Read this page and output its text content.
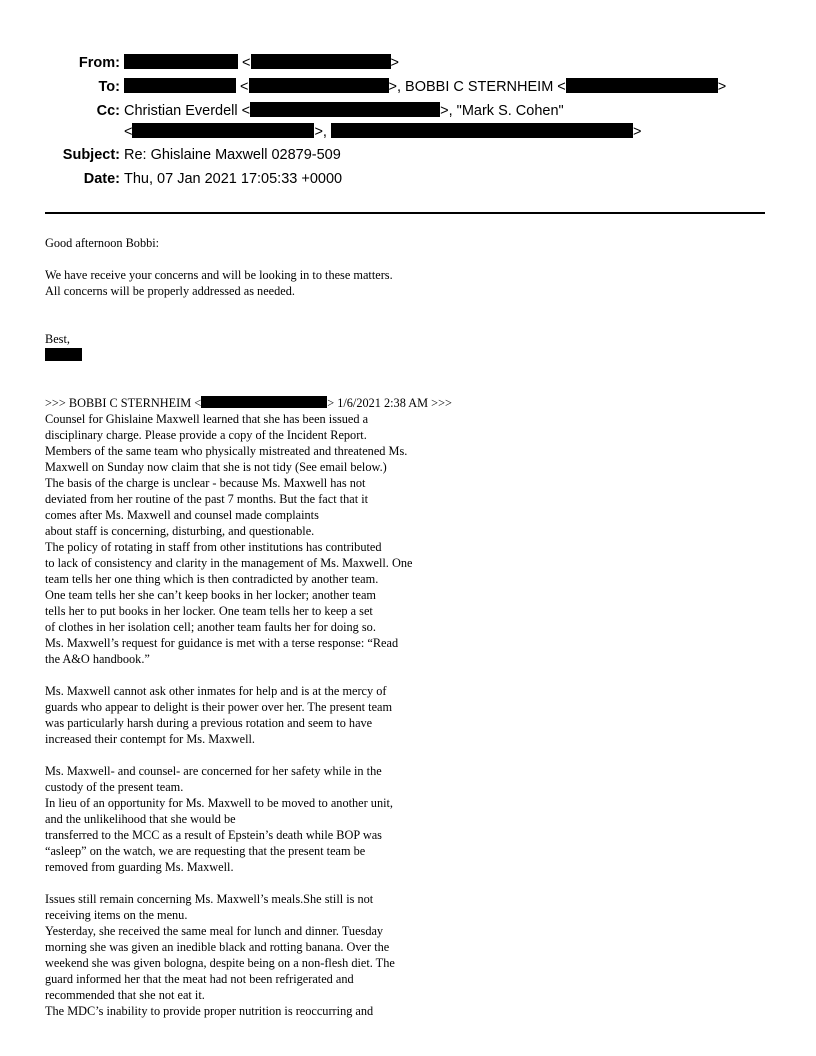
From:	<	>
To:	<	>, BOBBI C STERNHEIM <	>
Cc: Christian Everdell <	>, "Mark S. Cohen"
<	>,	>
Subject: Re: Ghislaine Maxwell 02879-509
Date: Thu, 07 Jan 2021 17:05:33 +0000
Good afternoon Bobbi:
We have receive your concerns and will be looking in to these matters.
All concerns will be properly addressed as needed.
Best,
>>> BOBBI C STERNHEIM <	> 1/6/2021 2:38 AM >>>
Counsel for Ghislaine Maxwell learned that she has been issued a
disciplinary charge. Please provide a copy of the Incident Report.
Members of the same team who physically mistreated and threatened Ms.
Maxwell on Sunday now claim that she is not tidy (See email below.)
The basis of the charge is unclear - because Ms. Maxwell has not
deviated from her routine of the past 7 months. But the fact that it
comes after Ms. Maxwell and counsel made complaints
about staff is concerning, disturbing, and questionable.
The policy of rotating in staff from other institutions has contributed
to lack of consistency and clarity in the management of Ms. Maxwell. One
team tells her one thing which is then contradicted by another team.
One team tells her she can’t keep books in her locker; another team
tells her to put books in her locker. One team tells her to keep a set
of clothes in her isolation cell; another team faults her for doing so.
Ms. Maxwell’s request for guidance is met with a terse response: “Read
the A&O handbook.”
Ms. Maxwell cannot ask other inmates for help and is at the mercy of
guards who appear to delight is their power over her. The present team
was particularly harsh during a previous rotation and seem to have
increased their contempt for Ms. Maxwell.
Ms. Maxwell- and counsel- are concerned for her safety while in the
custody of the present team.
In lieu of an opportunity for Ms. Maxwell to be moved to another unit,
and the unlikelihood that she would be
transferred to the MCC as a result of Epstein’s death while BOP was
“asleep” on the watch, we are requesting that the present team be
removed from guarding Ms. Maxwell.
Issues still remain concerning Ms. Maxwell’s meals.She still is not
receiving items on the menu.
Yesterday, she received the same meal for lunch and dinner. Tuesday
morning she was given an inedible black and rotting banana. Over the
weekend she was given bologna, despite being on a non-flesh diet. The
guard informed her that the meat had not been refrigerated and
recommended that she not eat it.
The MDC’s inability to provide proper nutrition is reoccurring and
